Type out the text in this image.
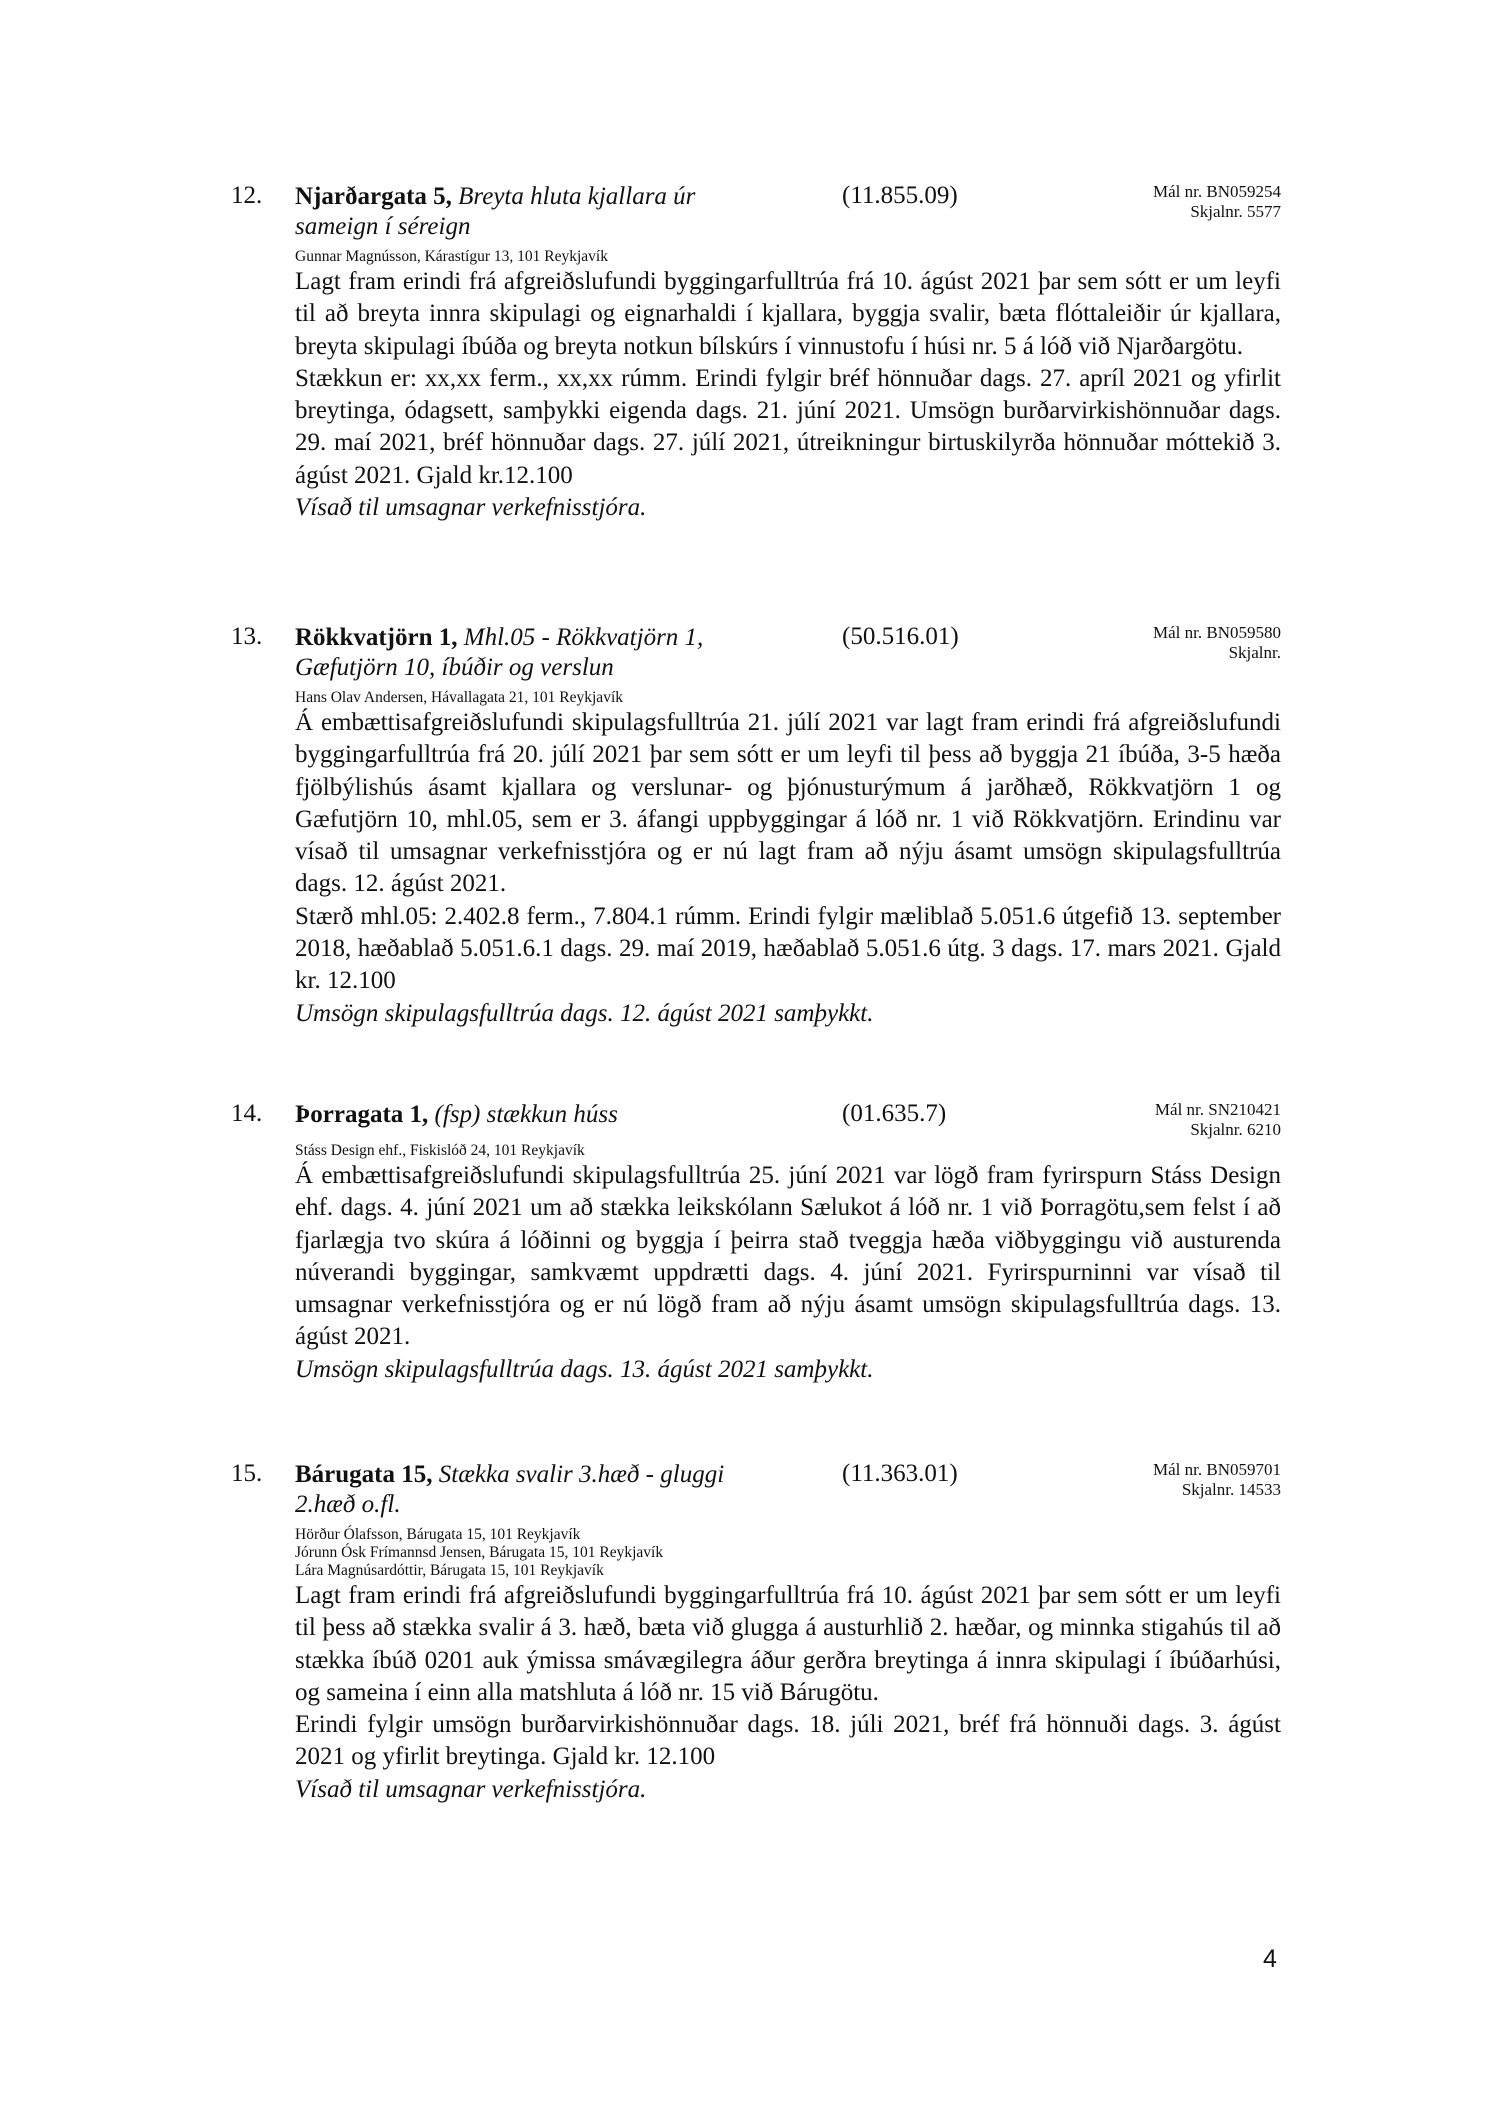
12. Njarðargata 5, Breyta hluta kjallara úr sameign í séreign
(11.855.09)	Mál nr. BN059254
Skjalnr. 5577
Gunnar Magnússon, Kárastígur 13, 101 Reykjavík
Lagt fram erindi frá afgreiðslufundi byggingarfulltrúa frá 10. ágúst 2021 þar sem sótt er um leyfi til að breyta innra skipulagi og eignarhaldi í kjallara, byggja svalir, bæta flóttaleiðir úr kjallara, breyta skipulagi íbúða og breyta notkun bílskúrs í vinnustofu í húsi nr. 5 á lóð við Njarðargötu.
Stækkun er: xx,xx ferm., xx,xx rúmm. Erindi fylgir bréf hönnuðar dags. 27. apríl 2021 og yfirlit breytinga, ódagsett, samþykki eigenda dags. 21. júní 2021. Umsögn burðarvirkishönnuðar dags. 29. maí 2021, bréf hönnuðar dags. 27. júlí 2021, útreikningur birtuskilyrða hönnuðar móttekið 3. ágúst 2021. Gjald kr.12.100
Vísað til umsagnar verkefnisstjóra.
13. Rökkvatjörn 1, Mhl.05 - Rökkvatjörn 1, Gæfutjörn 10, íbúðir og verslun
(50.516.01)	Mál nr. BN059580
Skjalnr.
Hans Olav Andersen, Hávallagata 21, 101 Reykjavík
Á embættisafgreiðslufundi skipulagsfulltrúa 21. júlí 2021 var lagt fram erindi frá afgreiðslufundi byggingarfulltrúa frá 20. júlí 2021 þar sem sótt er um leyfi til þess að byggja 21 íbúða, 3-5 hæða fjölbýlishús ásamt kjallara og verslunar- og þjónusturýmum á jarðhæð, Rökkvatjörn 1 og Gæfutjörn 10, mhl.05, sem er 3. áfangi uppbyggingar á lóð nr. 1 við Rökkvatjörn. Erindinu var vísað til umsagnar verkefnisstjóra og er nú lagt fram að nýju ásamt umsögn skipulagsfulltrúa dags. 12. ágúst 2021.
Stærð mhl.05: 2.402.8 ferm., 7.804.1 rúmm. Erindi fylgir mæliblað 5.051.6 útgefið 13. september 2018, hæðablað 5.051.6.1 dags. 29. maí 2019, hæðablað 5.051.6 útg. 3 dags. 17. mars 2021. Gjald kr. 12.100
Umsögn skipulagsfulltrúa dags. 12. ágúst 2021 samþykkt.
14. Þorragata 1, (fsp) stækkun húss	(01.635.7)	Mál nr. SN210421
Skjalnr. 6210
Stáss Design ehf., Fiskislóð 24, 101 Reykjavík
Á embættisafgreiðslufundi skipulagsfulltrúa 25. júní 2021 var lögð fram fyrirspurn Stáss Design ehf. dags. 4. júní 2021 um að stækka leikskólann Sælukot á lóð nr. 1 við Þorragötu,sem felst í að fjarlægja tvo skúra á lóðinni og byggja í þeirra stað tveggja hæða viðbyggingu við austurenda núverandi byggingar, samkvæmt uppdrætti dags. 4. júní 2021. Fyrirspurninni var vísað til umsagnar verkefnisstjóra og er nú lögð fram að nýju ásamt umsögn skipulagsfulltrúa dags. 13. ágúst 2021.
Umsögn skipulagsfulltrúa dags. 13. ágúst 2021 samþykkt.
15. Bárugata 15, Stækka svalir 3.hæð - gluggi 2.hæð o.fl.
(11.363.01)	Mál nr. BN059701
Skjalnr. 14533
Hörður Ólafsson, Bárugata 15, 101 Reykjavík
Jórunn Ósk Frímannsd Jensen, Bárugata 15, 101 Reykjavík
Lára Magnúsardóttir, Bárugata 15, 101 Reykjavík
Lagt fram erindi frá afgreiðslufundi byggingarfulltrúa frá 10. ágúst 2021 þar sem sótt er um leyfi til þess að stækka svalir á 3. hæð, bæta við glugga á austurhlið 2. hæðar, og minnka stigahús til að stækka íbúð 0201 auk ýmissa smávægilegra áður gerðra breytinga á innra skipulagi í íbúðarhúsi, og sameina í einn alla matshluta á lóð nr. 15 við Bárugötu.
Erindi fylgir umsögn burðarvirkishönnuðar dags. 18. júli 2021, bréf frá hönnuði dags. 3. ágúst 2021 og yfirlit breytinga. Gjald kr. 12.100
Vísað til umsagnar verkefnisstjóra.
4
